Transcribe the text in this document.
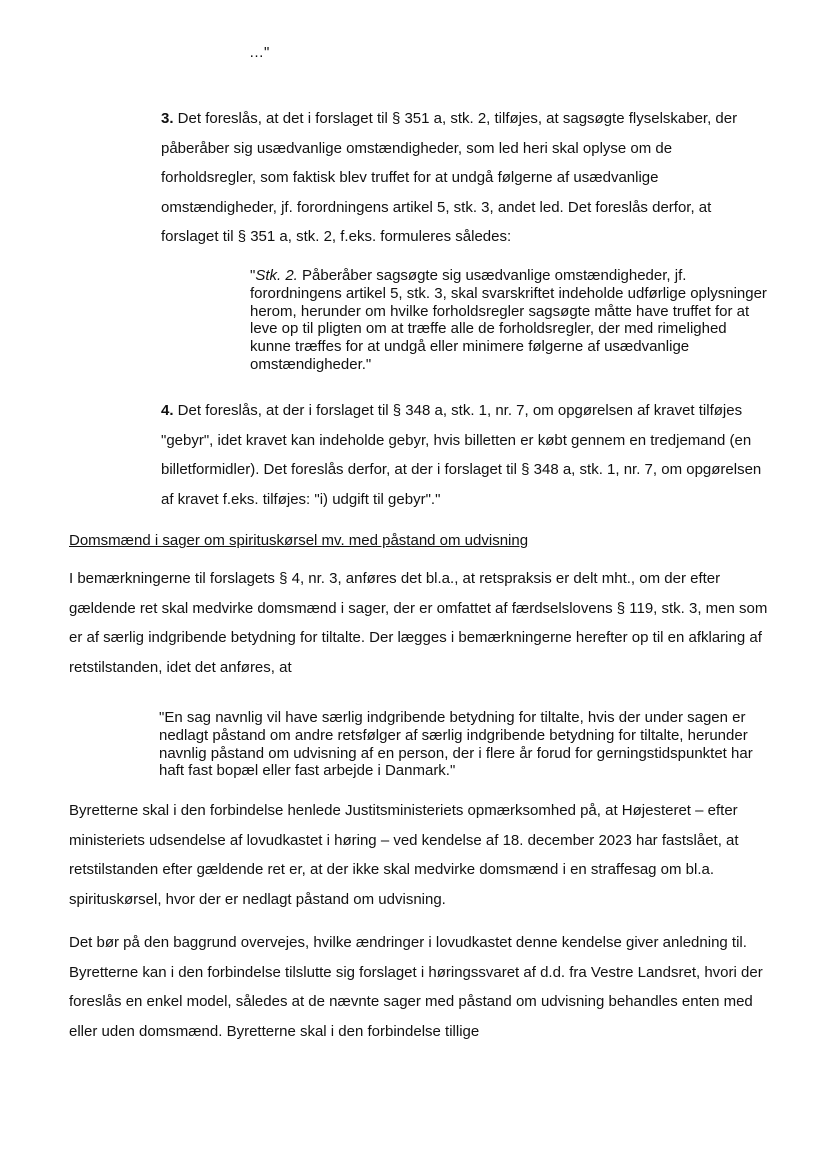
…"
3. Det foreslås, at det i forslaget til § 351 a, stk. 2, tilføjes, at sagsøgte flyselskaber, der påberåber sig usædvanlige omstændigheder, som led heri skal oplyse om de forholdsregler, som faktisk blev truffet for at undgå følgerne af usædvanlige omstændigheder, jf. forordningens artikel 5, stk. 3, andet led. Det foreslås derfor, at forslaget til § 351 a, stk. 2, f.eks. formuleres således:
"Stk. 2. Påberåber sagsøgte sig usædvanlige omstændigheder, jf. forordningens artikel 5, stk. 3, skal svarskriftet indeholde udførlige oplysninger herom, herunder om hvilke forholdsregler sagsøgte måtte have truffet for at leve op til pligten om at træffe alle de forholdsregler, der med rimelighed kunne træffes for at undgå eller minimere følgerne af usædvanlige omstændigheder."
4. Det foreslås, at der i forslaget til § 348 a, stk. 1, nr. 7, om opgørelsen af kravet tilføjes "gebyr", idet kravet kan indeholde gebyr, hvis billetten er købt gennem en tredjemand (en billetformidler). Det foreslås derfor, at der i forslaget til § 348 a, stk. 1, nr. 7, om opgørelsen af kravet f.eks. tilføjes: "i) udgift til gebyr"."
Domsmænd i sager om spirituskørsel mv. med påstand om udvisning
I bemærkningerne til forslagets § 4, nr. 3, anføres det bl.a., at retspraksis er delt mht., om der efter gældende ret skal medvirke domsmænd i sager, der er omfattet af færdselslovens § 119, stk. 3, men som er af særlig indgribende betydning for tiltalte. Der lægges i bemærkningerne herefter op til en afklaring af retstilstanden, idet det anføres, at
"En sag navnlig vil have særlig indgribende betydning for tiltalte, hvis der under sagen er nedlagt påstand om andre retsfølger af særlig indgribende betydning for tiltalte, herunder navnlig påstand om udvisning af en person, der i flere år forud for gerningstidspunktet har haft fast bopæl eller fast arbejde i Danmark."
Byretterne skal i den forbindelse henlede Justitsministeriets opmærksomhed på, at Højesteret – efter ministeriets udsendelse af lovudkastet i høring – ved kendelse af 18. december 2023 har fastslået, at retstilstanden efter gældende ret er, at der ikke skal medvirke domsmænd i en straffesag om bl.a. spirituskørsel, hvor der er nedlagt påstand om udvisning.
Det bør på den baggrund overvejes, hvilke ændringer i lovudkastet denne kendelse giver anledning til. Byretterne kan i den forbindelse tilslutte sig forslaget i høringssvaret af d.d. fra Vestre Landsret, hvori der foreslås en enkel model, således at de nævnte sager med påstand om udvisning behandles enten med eller uden domsmænd. Byretterne skal i den forbindelse tillige
